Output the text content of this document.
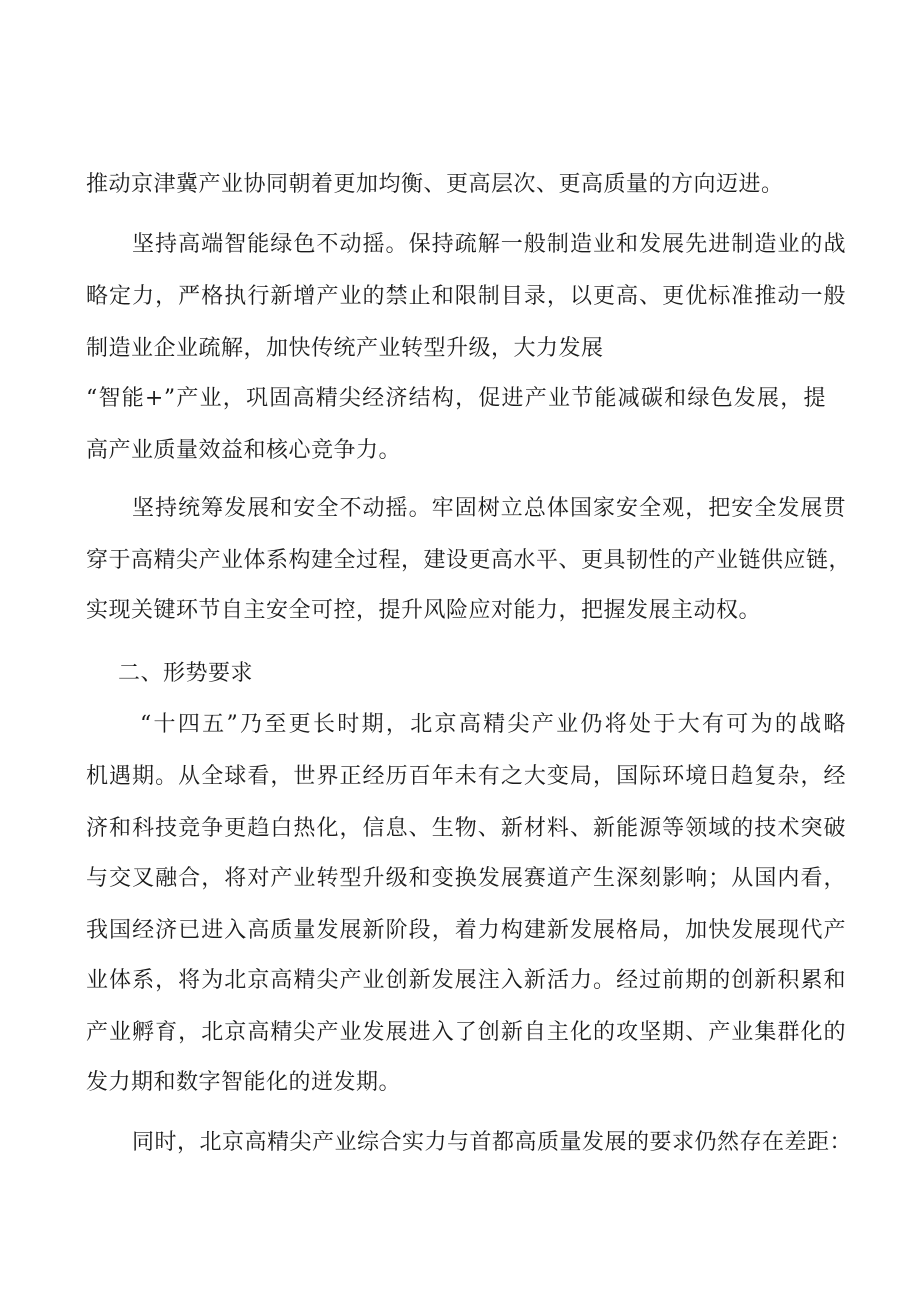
推动京津冀产业协同朝着更加均衡、更高层次、更高质量的方向迈进。
坚持高端智能绿色不动摇。保持疏解一般制造业和发展先进制造业的战
略定力，严格执行新增产业的禁止和限制目录，以更高、更优标准推动一般
制造业企业疏解，加快传统产业转型升级，大力发展
“智能+”产业，巩固高精尖经济结构，促进产业节能减碳和绿色发展，提
高产业质量效益和核心竞争力。
坚持统筹发展和安全不动摇。牢固树立总体国家安全观，把安全发展贯
穿于高精尖产业体系构建全过程，建设更高水平、更具韧性的产业链供应链，
实现关键环节自主安全可控，提升风险应对能力，把握发展主动权。
二、形势要求
“十四五”乃至更长时期，北京高精尖产业仍将处于大有可为的战略
机遇期。从全球看，世界正经历百年未有之大变局，国际环境日趋复杂，经
济和科技竞争更趋白热化，信息、生物、新材料、新能源等领域的技术突破
与交叉融合，将对产业转型升级和变换发展赛道产生深刻影响；从国内看，
我国经济已进入高质量发展新阶段，着力构建新发展格局，加快发展现代产
业体系，将为北京高精尖产业创新发展注入新活力。经过前期的创新积累和
产业孵育，北京高精尖产业发展进入了创新自主化的攻坚期、产业集群化的
发力期和数字智能化的迸发期。
同时，北京高精尖产业综合实力与首都高质量发展的要求仍然存在差距：
